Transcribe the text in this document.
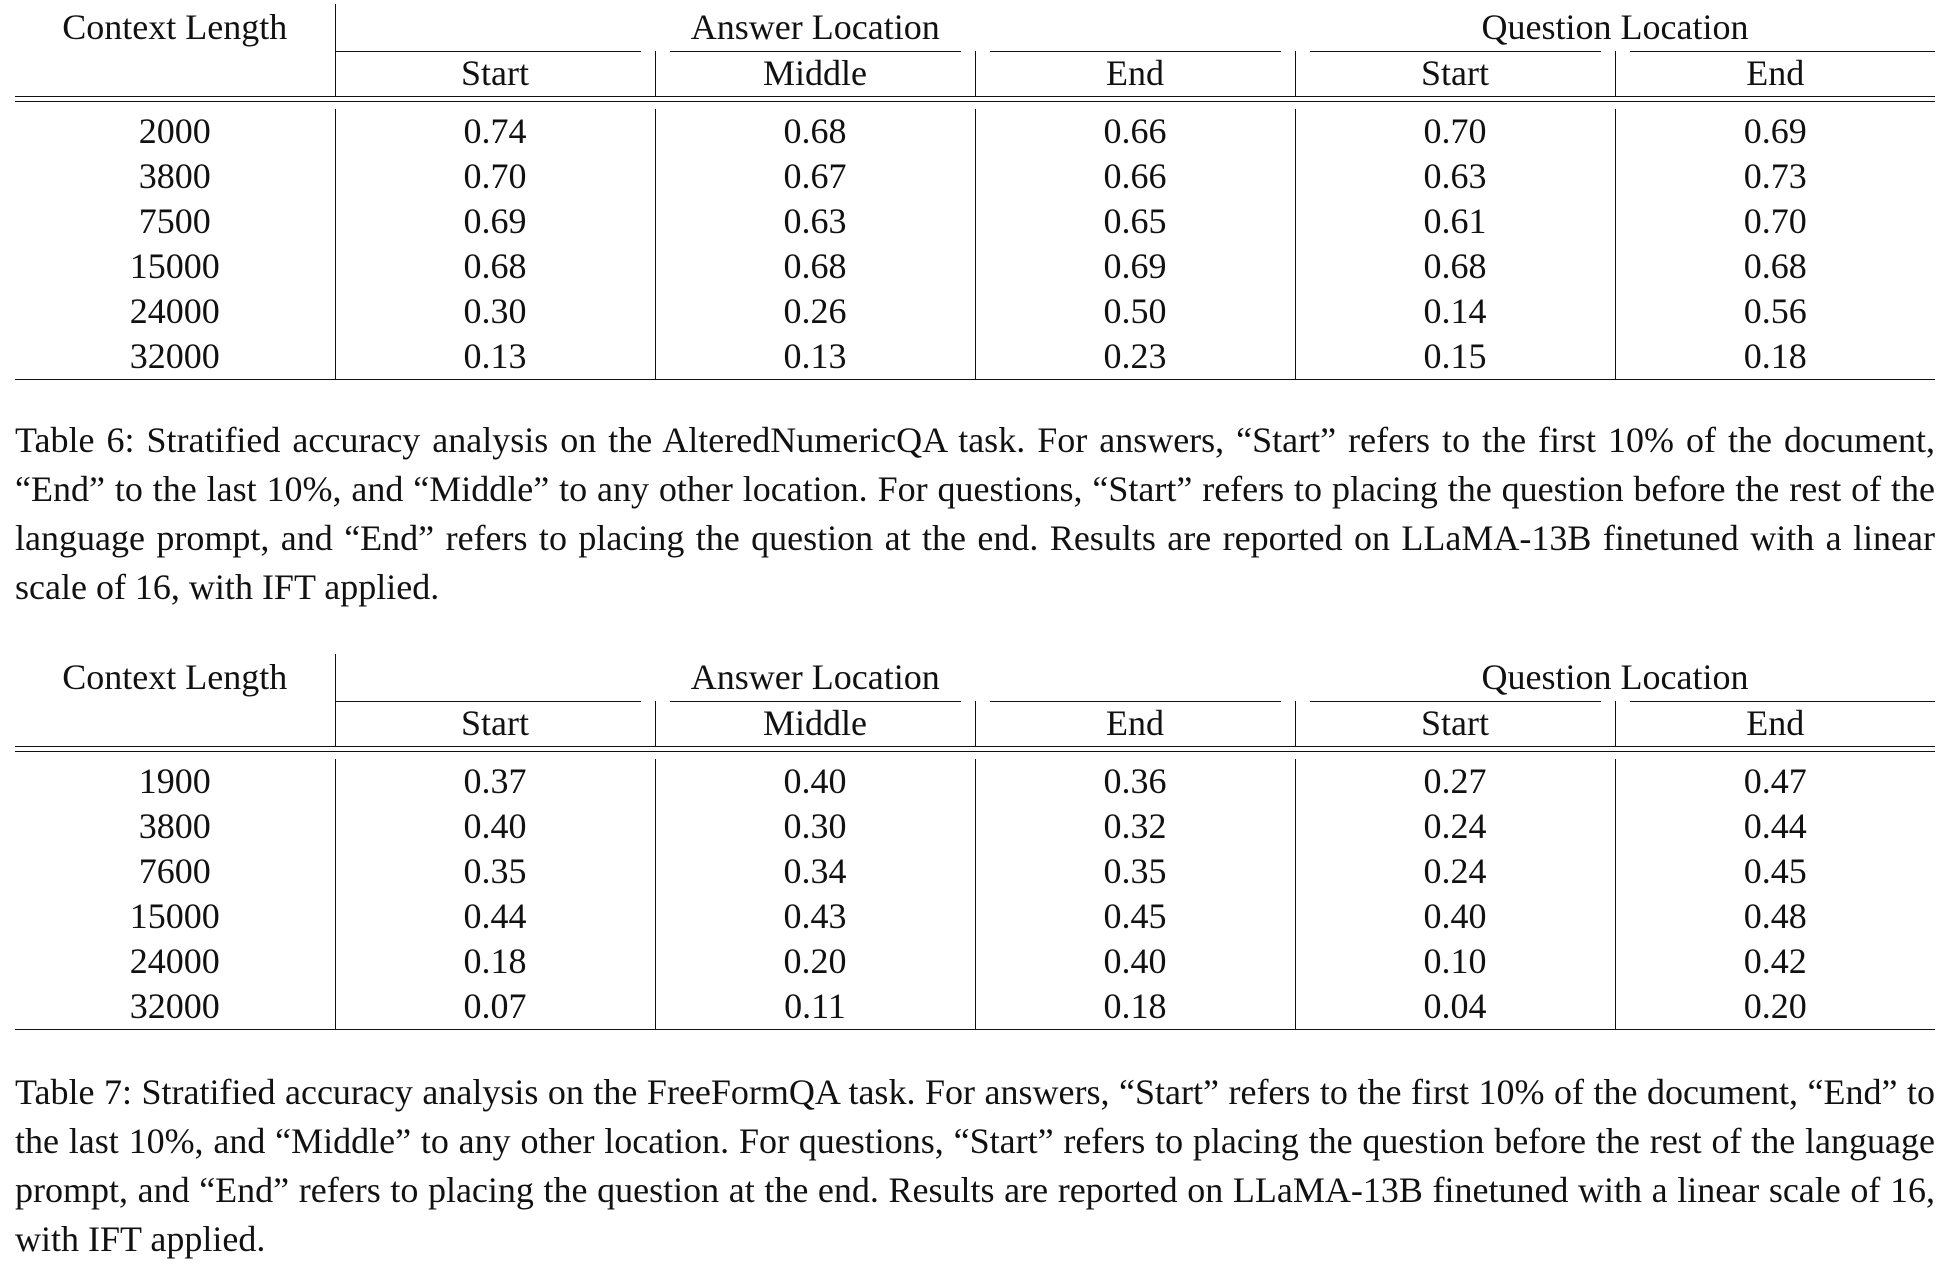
Context Length	Answer Location			Question Location	
	Start	Middle	End	Start	End

2000	0.74	0.68	0.66	0.70	0.69
3800	0.70	0.67	0.66	0.63	0.73
7500	0.69	0.63	0.65	0.61	0.70
15000	0.68	0.68	0.69	0.68	0.68
24000	0.30	0.26	0.50	0.14	0.56
32000	0.13	0.13	0.23	0.15	0.18

Table 6: Stratified accuracy analysis on the AlteredNumericQA task. For answers, “Start” refers to the first 10% of the document, “End” to the last 10%, and “Middle” to any other location. For questions, “Start” refers to placing the question before the rest of the language prompt, and “End” refers to placing the question at the end. Results are reported on LLaMA-13B finetuned with a linear scale of 16, with IFT applied.

Context Length	Answer Location			Question Location	
	Start	Middle	End	Start	End

1900	0.37	0.40	0.36	0.27	0.47
3800	0.40	0.30	0.32	0.24	0.44
7600	0.35	0.34	0.35	0.24	0.45
15000	0.44	0.43	0.45	0.40	0.48
24000	0.18	0.20	0.40	0.10	0.42
32000	0.07	0.11	0.18	0.04	0.20

Table 7: Stratified accuracy analysis on the FreeFormQA task. For answers, “Start” refers to the first 10% of the document, “End” to the last 10%, and “Middle” to any other location. For questions, “Start” refers to placing the question before the rest of the language prompt, and “End” refers to placing the question at the end. Results are reported on LLaMA-13B finetuned with a linear scale of 16, with IFT applied.
